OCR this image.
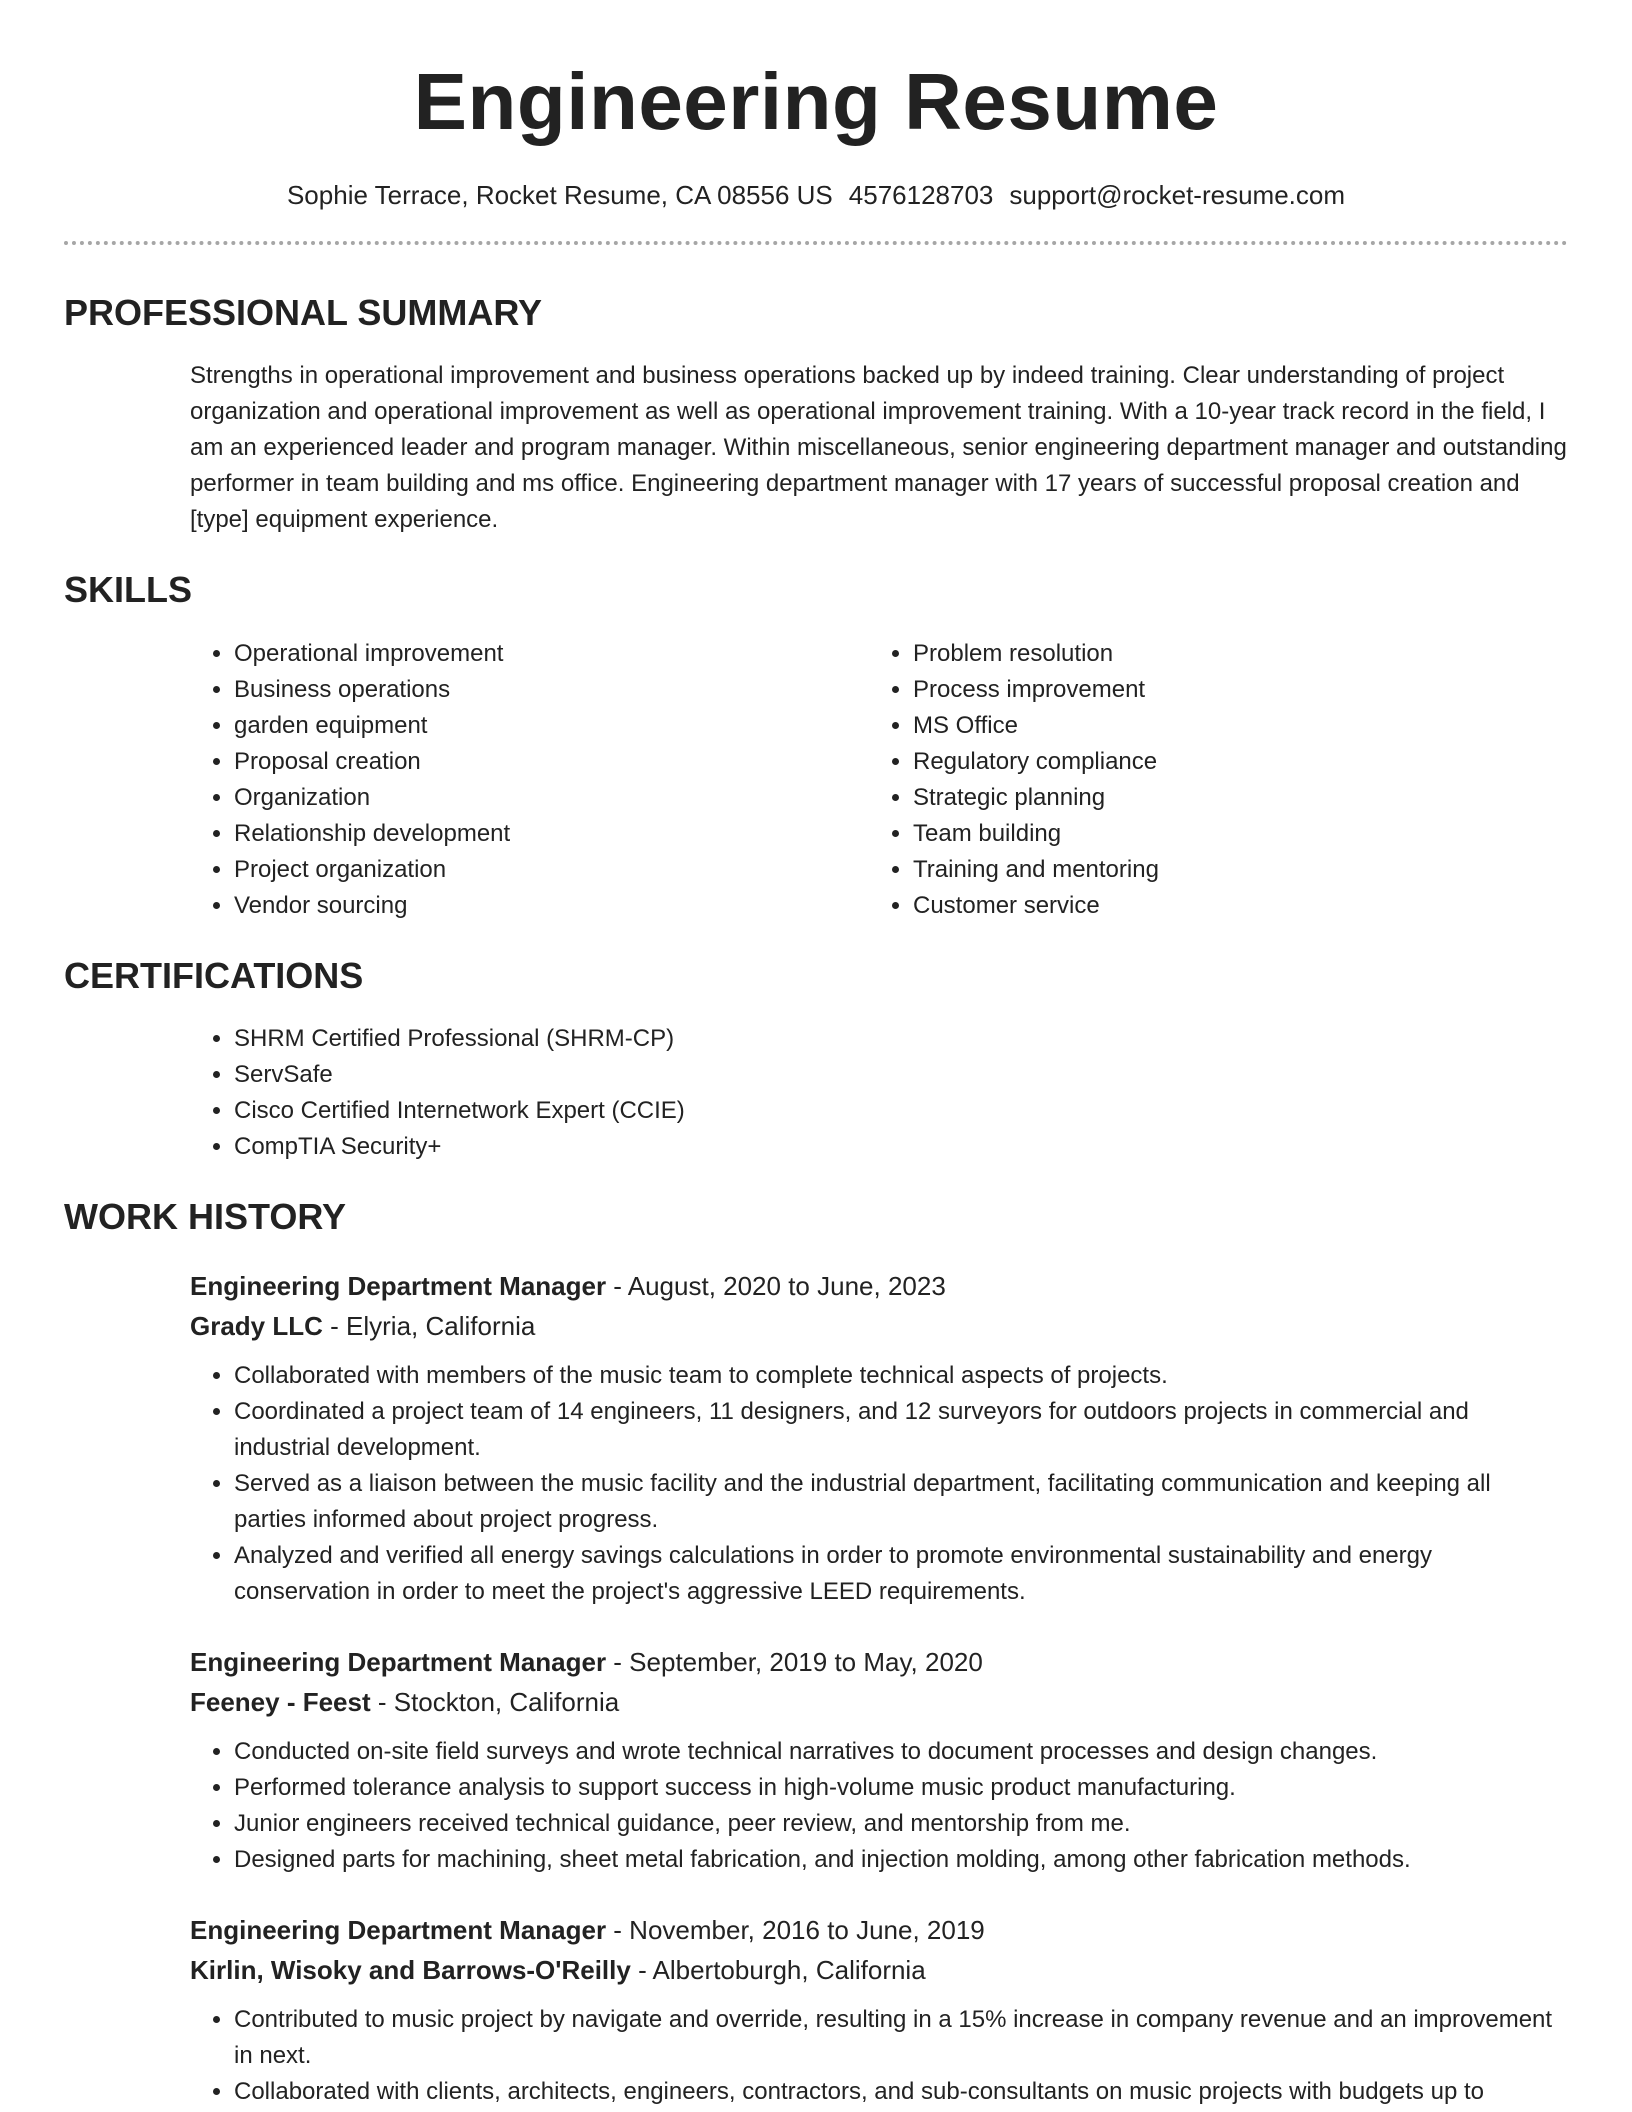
Engineering Resume
Sophie Terrace, Rocket Resume, CA 08556 US 4576128703 support@rocket-resume.com
PROFESSIONAL SUMMARY

Strengths in operational improvement and business operations backed up by indeed training. Clear understanding of project organization and operational improvement as well as operational improvement training. With a 10-year track record in the field, I am an experienced leader and program manager. Within miscellaneous, senior engineering department manager and outstanding performer in team building and ms office. Engineering department manager with 17 years of successful proposal creation and [type] equipment experience.

SKILLS
• Operational improvement
• Business operations
• garden equipment
• Proposal creation
• Organization
• Relationship development
• Project organization
• Vendor sourcing
• Problem resolution
• Process improvement
• MS Office
• Regulatory compliance
• Strategic planning
• Team building
• Training and mentoring
• Customer service
CERTIFICATIONS
• SHRM Certified Professional (SHRM-CP)
• ServSafe
• Cisco Certified Internetwork Expert (CCIE)
• CompTIA Security+
WORK HISTORY
Engineering Department Manager - August, 2020 to June, 2023
Grady LLC - Elyria, California
• Collaborated with members of the music team to complete technical aspects of projects.
• Coordinated a project team of 14 engineers, 11 designers, and 12 surveyors for outdoors projects in commercial and industrial development.
• Served as a liaison between the music facility and the industrial department, facilitating communication and keeping all parties informed about project progress.
• Analyzed and verified all energy savings calculations in order to promote environmental sustainability and energy conservation in order to meet the project's aggressive LEED requirements.
Engineering Department Manager - September, 2019 to May, 2020
Feeney - Feest - Stockton, California
• Conducted on-site field surveys and wrote technical narratives to document processes and design changes.
• Performed tolerance analysis to support success in high-volume music product manufacturing.
• Junior engineers received technical guidance, peer review, and mentorship from me.
• Designed parts for machining, sheet metal fabrication, and injection molding, among other fabrication methods.
Engineering Department Manager - November, 2016 to June, 2019
Kirlin, Wisoky and Barrows-O'Reilly - Albertoburgh, California
• Contributed to music project by navigate and override, resulting in a 15% increase in company revenue and an improvement in next.
• Collaborated with clients, architects, engineers, contractors, and sub-consultants on music projects with budgets up to
